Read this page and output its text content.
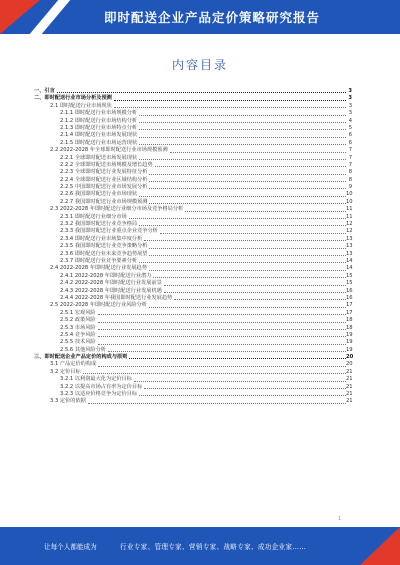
即时配送企业产品定价策略研究报告
内容目录
一、引言	3
二、即时配送行业市场分析及预测	3
2.1 即时配送行业市场现状	3
2.1.1 即时配送行业市场规模分析	3
2.1.2 即时配送行业市场结构分析	4
2.1.3 即时配送行业市场特点分析	5
2.1.4 即时配送行业市场发展现状	6
2.1.5 即时配送行业市场运营现状	6
2.2 2022-2028 年全球即时配送行业市场规模预测	7
2.2.1 全球即时配送市场发展现状	7
2.2.2 全球即时配送市场规模及增长趋势	7
2.2.3 全球即时配送行业发展特征分析	8
2.2.4 全球即时配送行业区域结构分析	8
2.2.5 中国即时配送行业市场发展分析	9
2.2.6 我国即时配送行业市场现状	10
2.2.7 我国即时配送行业市场规模预测	10
2.3 2022-2028 年即时配送行业细分市场及竞争格局分析	11
2.3.1 即时配送行业细分市场	11
2.3.2 我国即时配送行业竞争格局	12
2.3.3 我国即时配送行业重点企业竞争分析	12
2.3.4 即时配送行业市场集中度分析	13
2.3.5 我国即时配送行业竞争策略分析	13
2.3.6 即时配送行业未来竞争趋势展望	13
2.3.7 即时配送行业竞争要素分析	14
2.4 2022-2028 年即时配送行业发展趋势	14
2.4.1 2022-2028 年即时配送行业潜力	15
2.4.2 2022-2028 年即时配送行业发展前景	15
2.4.3 2022-2028 年即时配送行业发展机遇	16
2.4.4 2022-2028 年我国即时配送行业发展趋势	16
2.5 2022-2028 年即时配送行业风险分析	17
2.5.1 宏观风险	17
2.5.2 政策风险	18
2.5.3 市场风险	18
2.5.4 竞争风险	19
2.5.5 技术风险	19
2.5.6 其他风险分析	19
三、即时配送企业产品定价的构成与原则	20
3.1 产品定价的构成	20
3.2 定价目标	21
3.2.1 以利润最大化为定价目标	21
3.2.2 以提高市场占有率为定价目标	21
3.2.3 以适应价格竞争为定价目标	21
3.3 定价的依据	21
1
让每个人都能成为	行业专家、管理专家、营销专家、战略专家、成功企业家……
